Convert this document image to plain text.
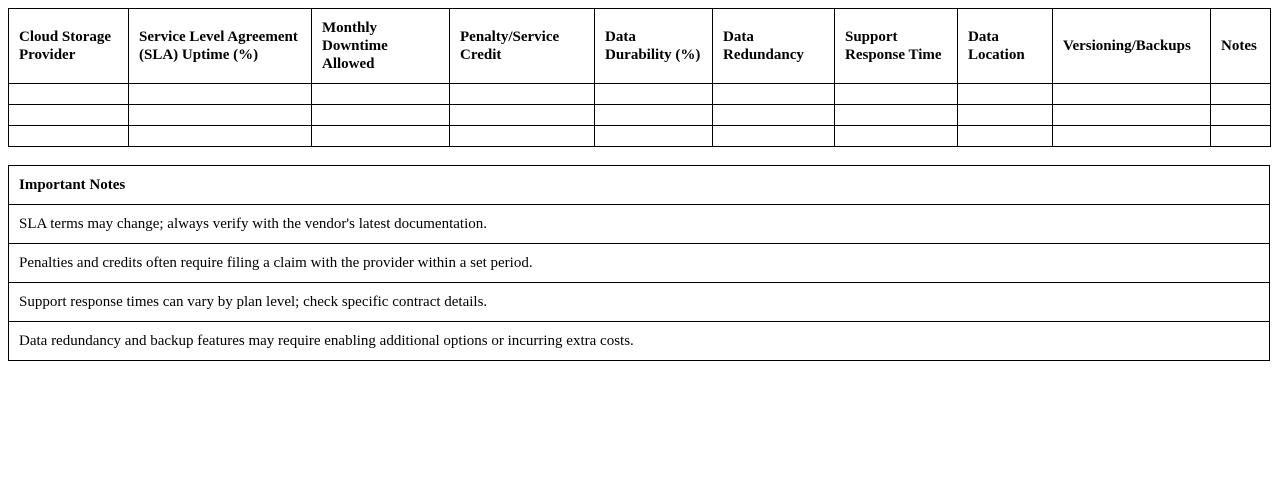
Cloud Storage Provider	Service Level Agreement (SLA) Uptime (%)	Monthly Downtime Allowed	Penalty/Service Credit	Data Durability (%)	Data Redundancy	Support Response Time	Data Location	Versioning/Backups	Notes

Important Notes
SLA terms may change; always verify with the vendor's latest documentation.
Penalties and credits often require filing a claim with the provider within a set period.
Support response times can vary by plan level; check specific contract details.
Data redundancy and backup features may require enabling additional options or incurring extra costs.
